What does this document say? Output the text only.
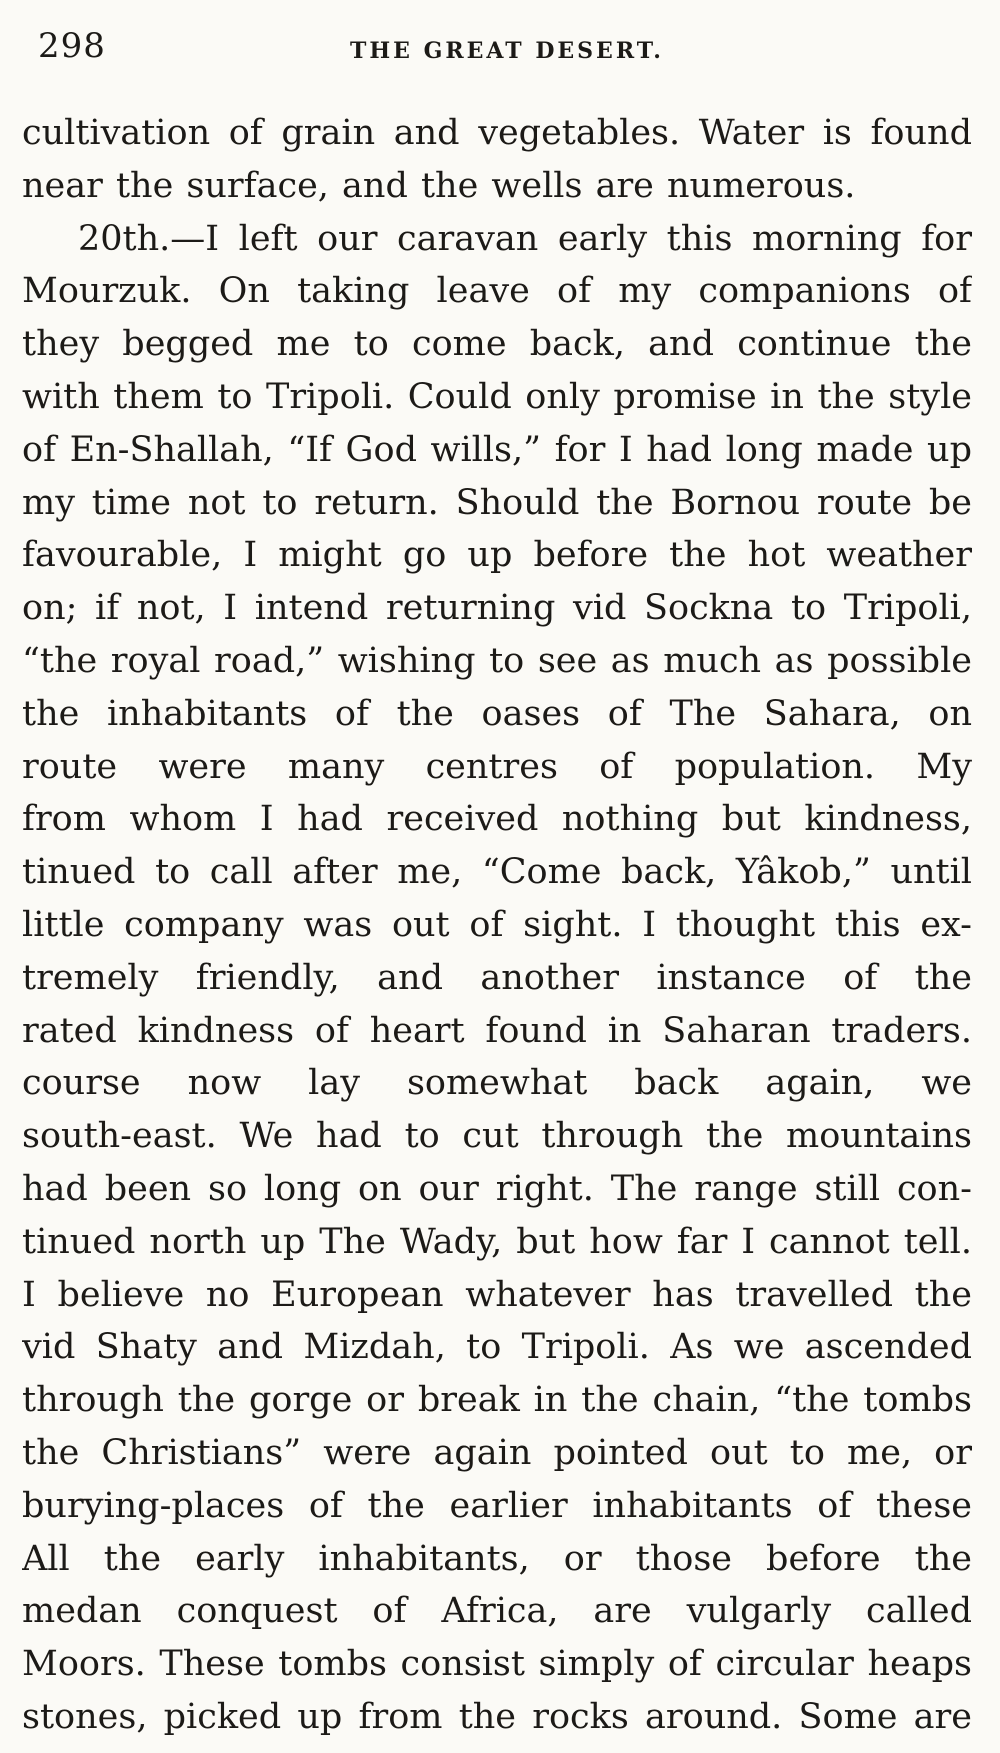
298	THE GREAT DESERT.
cultivation of grain and vegetables. Water is found
near the surface, and the wells are numerous.
20th.—I left our caravan early this morning for
Mourzuk. On taking leave of my companions of
they begged me to come back, and continue the
with them to Tripoli. Could only promise in the style
of En-Shallah, “If God wills,” for I had long made up
my time not to return. Should the Bornou route be
favourable, I might go up before the hot weather
on; if not, I intend returning vid Sockna to Tripoli,
“the royal road,” wishing to see as much as possible
the inhabitants of the oases of The Sahara, on
route were many centres of population. My
from whom I had received nothing but kindness,
tinued to call after me, “Come back, Yâkob,” until
little company was out of sight. I thought this ex-
tremely friendly, and another instance of the
rated kindness of heart found in Saharan traders.
course now lay somewhat back again, we
south-east. We had to cut through the mountains
had been so long on our right. The range still con-
tinued north up The Wady, but how far I cannot tell.
I believe no European whatever has travelled the
vid Shaty and Mizdah, to Tripoli. As we ascended
through the gorge or break in the chain, “the tombs
the Christians” were again pointed out to me, or
burying-places of the earlier inhabitants of these
All the early inhabitants, or those before the
medan conquest of Africa, are vulgarly called
Moors. These tombs consist simply of circular heaps
stones, picked up from the rocks around. Some are
